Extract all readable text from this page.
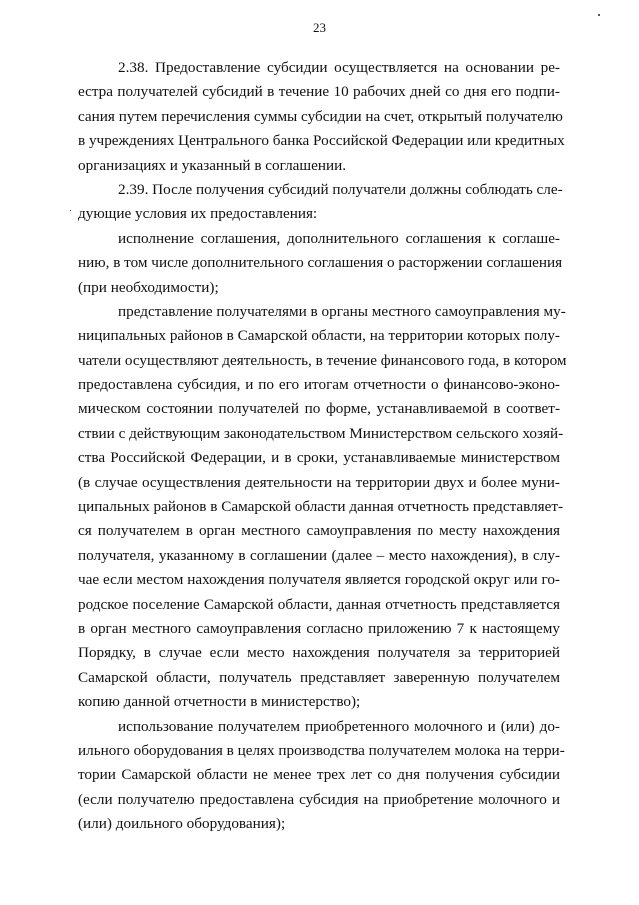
23
2.38. Предоставление субсидии осуществляется на основании ре-
естра получателей субсидий в течение 10 рабочих дней со дня его подпи-
сания путем перечисления суммы субсидии на счет, открытый получателю
в учреждениях Центрального банка Российской Федерации или кредитных
организациях и указанный в соглашении.
2.39. После получения субсидий получатели должны соблюдать сле-
дующие условия их предоставления:
исполнение соглашения, дополнительного соглашения к соглаше-
нию, в том числе дополнительного соглашения о расторжении соглашения
(при необходимости);
представление получателями в органы местного самоуправления му-
ниципальных районов в Самарской области, на территории которых полу-
чатели осуществляют деятельность, в течение финансового года, в котором
предоставлена субсидия, и по его итогам отчетности о финансово-эконо-
мическом состоянии получателей по форме, устанавливаемой в соответ-
ствии с действующим законодательством Министерством сельского хозяй-
ства Российской Федерации, и в сроки, устанавливаемые министерством
(в случае осуществления деятельности на территории двух и более муни-
ципальных районов в Самарской области данная отчетность представляет-
ся получателем в орган местного самоуправления по месту нахождения
получателя, указанному в соглашении (далее – место нахождения), в слу-
чае если местом нахождения получателя является городской округ или го-
родское поселение Самарской области, данная отчетность представляется
в орган местного самоуправления согласно приложению 7 к настоящему
Порядку, в случае если место нахождения получателя за территорией
Самарской области, получатель представляет заверенную получателем
копию данной отчетности в министерство);
использование получателем приобретенного молочного и (или) до-
ильного оборудования в целях производства получателем молока на терри-
тории Самарской области не менее трех лет со дня получения субсидии
(если получателю предоставлена субсидия на приобретение молочного и
(или) доильного оборудования);
